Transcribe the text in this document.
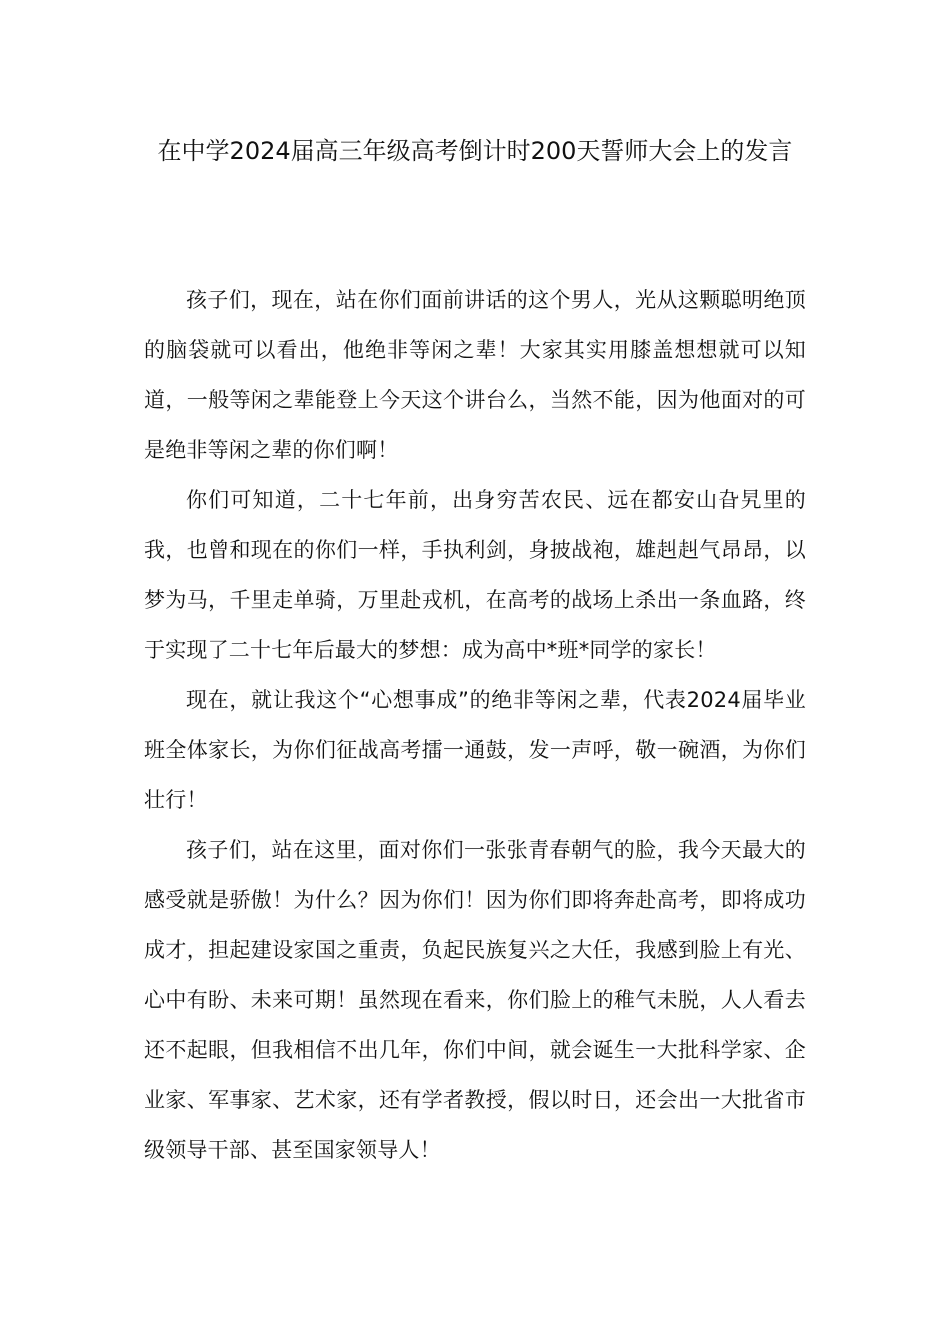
在中学2024届高三年级高考倒计时200天誓师大会上的发言

孩子们，现在，站在你们面前讲话的这个男人，光从这颗聪明绝顶的脑袋就可以看出，他绝非等闲之辈！大家其实用膝盖想想就可以知道，一般等闲之辈能登上今天这个讲台么，当然不能，因为他面对的可是绝非等闲之辈的你们啊！

你们可知道，二十七年前，出身穷苦农民、远在都安山旮旯里的我，也曾和现在的你们一样，手执利剑，身披战袍，雄赳赳气昂昂，以梦为马，千里走单骑，万里赴戎机，在高考的战场上杀出一条血路，终于实现了二十七年后最大的梦想：成为高中*班*同学的家长！

现在，就让我这个“心想事成”的绝非等闲之辈，代表2024届毕业班全体家长，为你们征战高考擂一通鼓，发一声呼，敬一碗酒，为你们壮行！

孩子们，站在这里，面对你们一张张青春朝气的脸，我今天最大的感受就是骄傲！为什么？因为你们！因为你们即将奔赴高考，即将成功成才，担起建设家国之重责，负起民族复兴之大任，我感到脸上有光、心中有盼、未来可期！虽然现在看来，你们脸上的稚气未脱，人人看去还不起眼，但我相信不出几年，你们中间，就会诞生一大批科学家、企业家、军事家、艺术家，还有学者教授，假以时日，还会出一大批省市级领导干部、甚至国家领导人！
